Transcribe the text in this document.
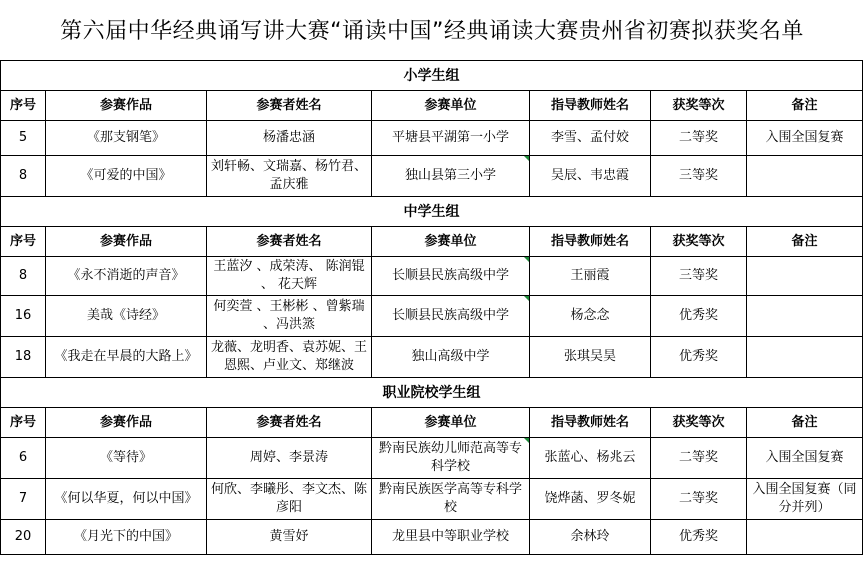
第六届中华经典诵写讲大赛“诵读中国”经典诵读大赛贵州省初赛拟获奖名单
小学生组						
序号	参赛作品	参赛者姓名	参赛单位	指导教师姓名	获奖等次	备注
5	《那支钢笔》	杨潘忠涵	平塘县平湖第一小学	李雪、孟付姣	二等奖	入围全国复赛
8	《可爱的中国》	刘轩畅、文瑞嘉、杨竹君、孟庆雅	独山县第三小学	吴辰、韦忠霞	三等奖	
中学生组						
序号	参赛作品	参赛者姓名	参赛单位	指导教师姓名	获奖等次	备注
8	《永不消逝的声音》	王蓝汐 、成荣涛、 陈润锟 、 花天辉	长顺县民族高级中学	王丽霞	三等奖	
16	美哉《诗经》	何奕萱 、王彬彬 、曾紫瑞 、冯洪篜	长顺县民族高级中学	杨念念	优秀奖	
18	《我走在早晨的大路上》	龙薇、龙明香、袁苏妮、王恩熙、卢业文、郑继波	独山高级中学	张琪吴昊	优秀奖	
职业院校学生组						
序号	参赛作品	参赛者姓名	参赛单位	指导教师姓名	获奖等次	备注
6	《等待》	周婷、李景涛	黔南民族幼儿师范高等专科学校	张蓝心、杨兆云	二等奖	入围全国复赛
7	《何以华夏，何以中国》	何欣、李曦彤、李文杰、陈彦阳	黔南民族医学高等专科学校	饶烨菡、罗冬妮	二等奖	入围全国复赛（同分并列）
20	《月光下的中国》	黄雪妤	龙里县中等职业学校	余林玲	优秀奖	
